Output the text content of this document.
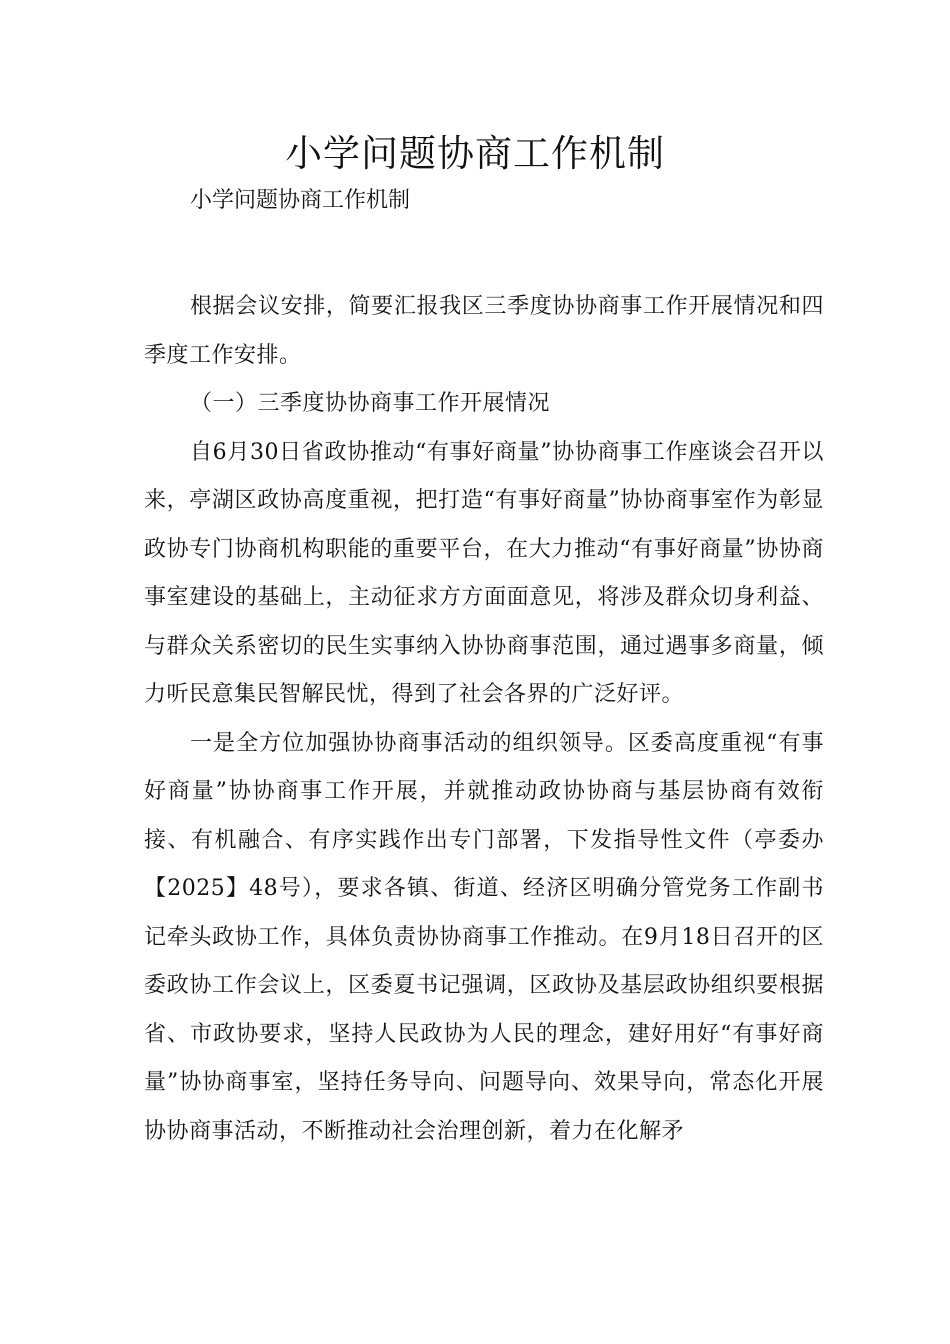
小学问题协商工作机制
小学问题协商工作机制

根据会议安排，简要汇报我区三季度协协商事工作开展情况和四季度工作安排。

（一）三季度协协商事工作开展情况

自6月30日省政协推动“有事好商量”协协商事工作座谈会召开以来，亭湖区政协高度重视，把打造“有事好商量”协协商事室作为彰显政协专门协商机构职能的重要平台，在大力推动“有事好商量”协协商事室建设的基础上，主动征求方方面面意见，将涉及群众切身利益、与群众关系密切的民生实事纳入协协商事范围，通过遇事多商量，倾力听民意集民智解民忧，得到了社会各界的广泛好评。

一是全方位加强协协商事活动的组织领导。区委高度重视“有事好商量”协协商事工作开展，并就推动政协协商与基层协商有效衔接、有机融合、有序实践作出专门部署，下发指导性文件（亭委办【2025】48号），要求各镇、街道、经济区明确分管党务工作副书记牵头政协工作，具体负责协协商事工作推动。在9月18日召开的区委政协工作会议上，区委夏书记强调，区政协及基层政协组织要根据省、市政协要求，坚持人民政协为人民的理念，建好用好“有事好商量”协协商事室，坚持任务导向、问题导向、效果导向，常态化开展协协商事活动，不断推动社会治理创新，着力在化解矛
